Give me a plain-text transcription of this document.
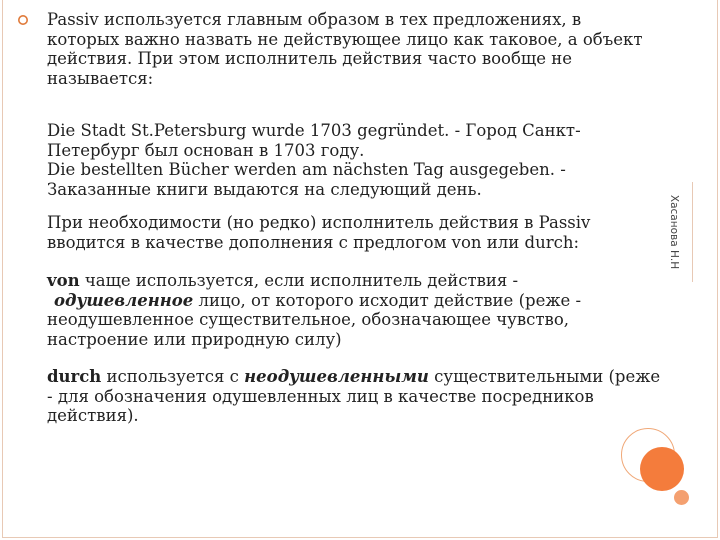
Passiv используется главным образом в тех предложениях, в
которых важно назвать не действующее лицо как таковое, а объект
действия. При этом исполнитель действия часто вообще не
называется:
Die Stadt St.Petersburg wurde 1703 gegründet. - Город Санкт-
Петербург был основан в 1703 году.
Die bestellten Bücher werden am nächsten Tag ausgegeben. -
Заказанные книги выдаются на следующий день.
При необходимости (но редко) исполнитель действия в Passiv
вводится в качестве дополнения с предлогом von или durch:
von чаще используется, если исполнитель действия -
одушевленное лицо, от которого исходит действие (реже -
неодушевленное существительное, обозначающее чувство,
настроение или природную силу)
durch используется с неодушевленными существительными (реже
- для обозначения одушевленных лиц в качестве посредников
действия).
Хасанова Н.Н
